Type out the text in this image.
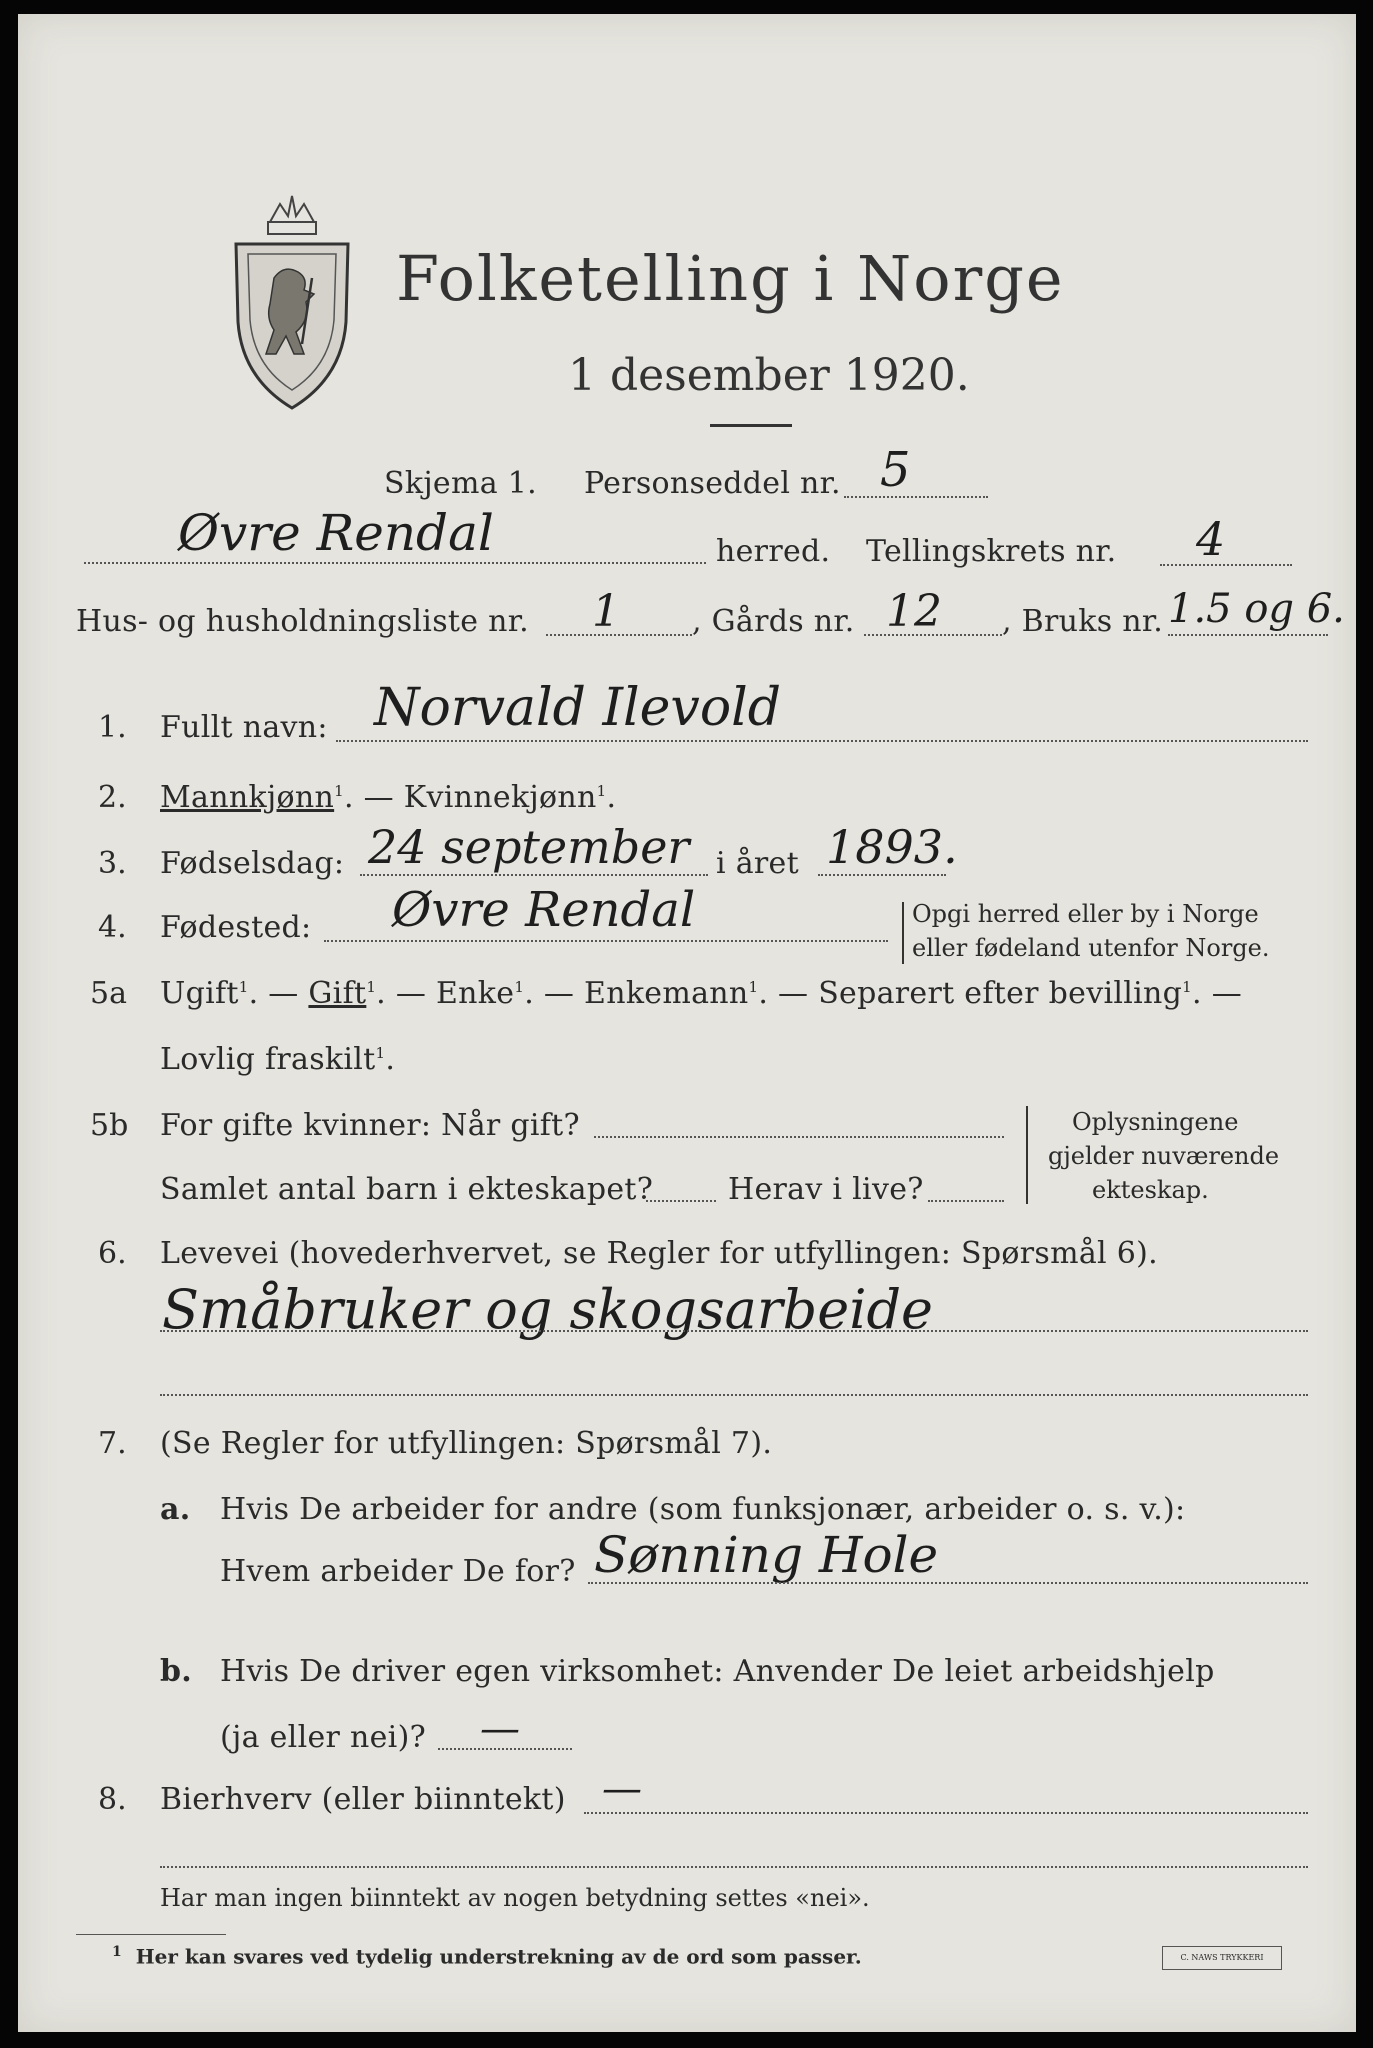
Folketelling i Norge
1 desember 1920.
Skjema 1. Personseddel nr. 5
Øvre Rendal	herred. Tellingskrets nr. 4
Hus- og husholdningsliste nr. 1 , Gårds nr. 12 , Bruks nr. 1.5 og 6.
1. Fullt navn: Norvald Ilevold
2. Mannkjønn$^1$. — Kvinnekjønn$^1$.
3. Fødselsdag: 24 september i året 1893.
4. Fødested: Øvre Rendal	Opgi herred eller by i Norge
eller fødeland utenfor Norge.
5a Ugift$^1$. — Gift$^1$. — Enke$^1$. — Enkemann$^1$. — Separert efter bevilling$^1$. —
Lovlig fraskilt$^1$.
5b For gifte kvinner: Når gift?
Samlet antal barn i ekteskapet? Herav i live?
Oplysningene
gjelder nuværende
ekteskap.
6. Levevei (hovederhvervet, se Regler for utfyllingen: Spørsmål 6).
Småbruker og skogsarbeide
7. (Se Regler for utfyllingen: Spørsmål 7).
a. Hvis De arbeider for andre (som funksjonær, arbeider o. s. v.):
Hvem arbeider De for? Sønning Hole
b. Hvis De driver egen virksomhet: Anvender De leiet arbeidshjelp
(ja eller nei)? —
8. Bierhverv (eller biinntekt) —
Har man ingen biinntekt av nogen betydning settes «nei».
$^1$ Her kan svares ved tydelig understrekning av de ord som passer.	C. NAWS TRYKKERI
